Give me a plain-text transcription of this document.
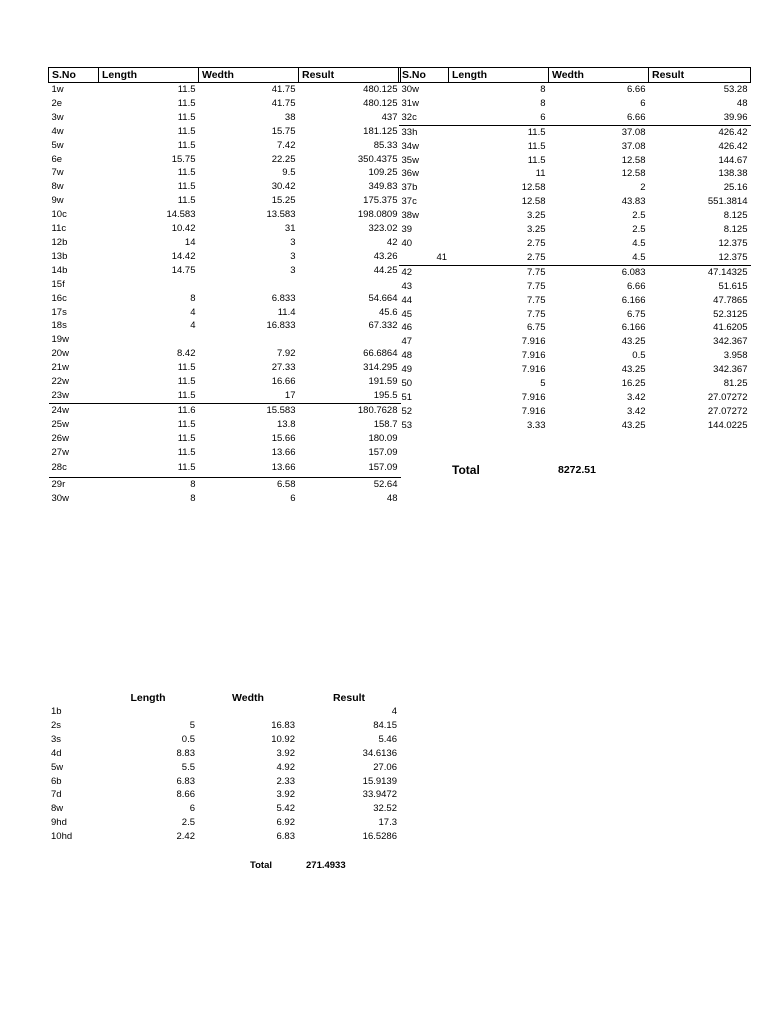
S.No	Length	Wedth	Result
1w	11.5	41.75	480.125
2e	11.5	41.75	480.125
3w	11.5	38	437
4w	11.5	15.75	181.125
5w	11.5	7.42	85.33
6e	15.75	22.25	350.4375
7w	11.5	9.5	109.25
8w	11.5	30.42	349.83
9w	11.5	15.25	175.375
10c	14.583	13.583	198.0809
11c	10.42	31	323.02
12b	14	3	42
13b	14.42	3	43.26
14b	14.75	3	44.25
15f			
16c	8	6.833	54.664
17s	4	11.4	45.6
18s	4	16.833	67.332
19w			
20w	8.42	7.92	66.6864
21w	11.5	27.33	314.295
22w	11.5	16.66	191.59
23w	11.5	17	195.5
24w	11.6	15.583	180.7628
25w	11.5	13.8	158.7
26w	11.5	15.66	180.09
27w	11.5	13.66	157.09
28c	11.5	13.66	157.09
29r	8	6.58	52.64
30w	8	6	48
S.No	Length	Wedth	Result
30w	8	6.66	53.28
31w	8	6	48
32c	6	6.66	39.96
33h	11.5	37.08	426.42
34w	11.5	37.08	426.42
35w	11.5	12.58	144.67
36w	11	12.58	138.38
37b	12.58	2	25.16
37c	12.58	43.83	551.3814
38w	3.25	2.5	8.125
39	3.25	2.5	8.125
40	2.75	4.5	12.375

41	2.75	4.5	12.375
42	7.75	6.083	47.14325
43	7.75	6.66	51.615
44	7.75	6.166	47.7865
45	7.75	6.75	52.3125
46	6.75	6.166	41.6205
47	7.916	43.25	342.367
48	7.916	0.5	3.958
49	7.916	43.25	342.367
50	5	16.25	81.25
51	7.916	3.42	27.07272
52	7.916	3.42	27.07272
53	3.33	43.25	144.0225
Total	8272.51
	Length	Wedth	Result
1b			4
2s	5	16.83	84.15
3s	0.5	10.92	5.46
4d	8.83	3.92	34.6136
5w	5.5	4.92	27.06
6b	6.83	2.33	15.9139
7d	8.66	3.92	33.9472
8w	6	5.42	32.52
9hd	2.5	6.92	17.3
10hd	2.42	6.83	16.5286
Total	271.4933
